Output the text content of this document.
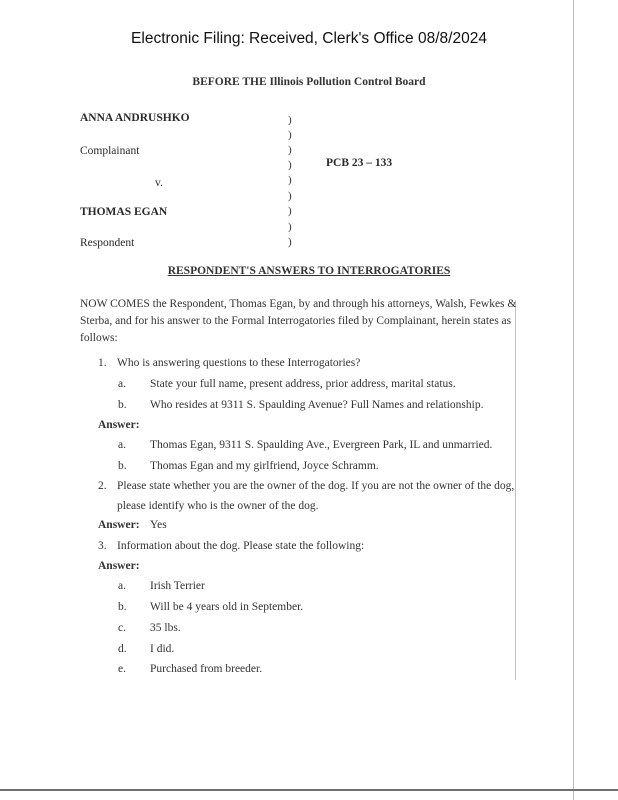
Electronic Filing: Received, Clerk's Office 08/8/2024
BEFORE THE Illinois Pollution Control Board
ANNA ANDRUSHKO
Complainant
v.
THOMAS EGAN
Respondent
)
)
)
)
)
)
)
)
)
PCB 23 – 133
RESPONDENT'S ANSWERS TO INTERROGATORIES
NOW COMES the Respondent, Thomas Egan, by and through his attorneys, Walsh, Fewkes & Sterba, and for his answer to the Formal Interrogatories filed by Complainant, herein states as follows:
1. Who is answering questions to these Interrogatories?
a. State your full name, present address, prior address, marital status.
b. Who resides at 9311 S. Spaulding Avenue? Full Names and relationship.
Answer:
a. Thomas Egan, 9311 S. Spaulding Ave., Evergreen Park, IL and unmarried.
b. Thomas Egan and my girlfriend, Joyce Schramm.
2. Please state whether you are the owner of the dog. If you are not the owner of the dog,
please identify who is the owner of the dog.
Answer: Yes
3. Information about the dog. Please state the following:
Answer:
a. Irish Terrier
b. Will be 4 years old in September.
c. 35 lbs.
d. I did.
e. Purchased from breeder.
